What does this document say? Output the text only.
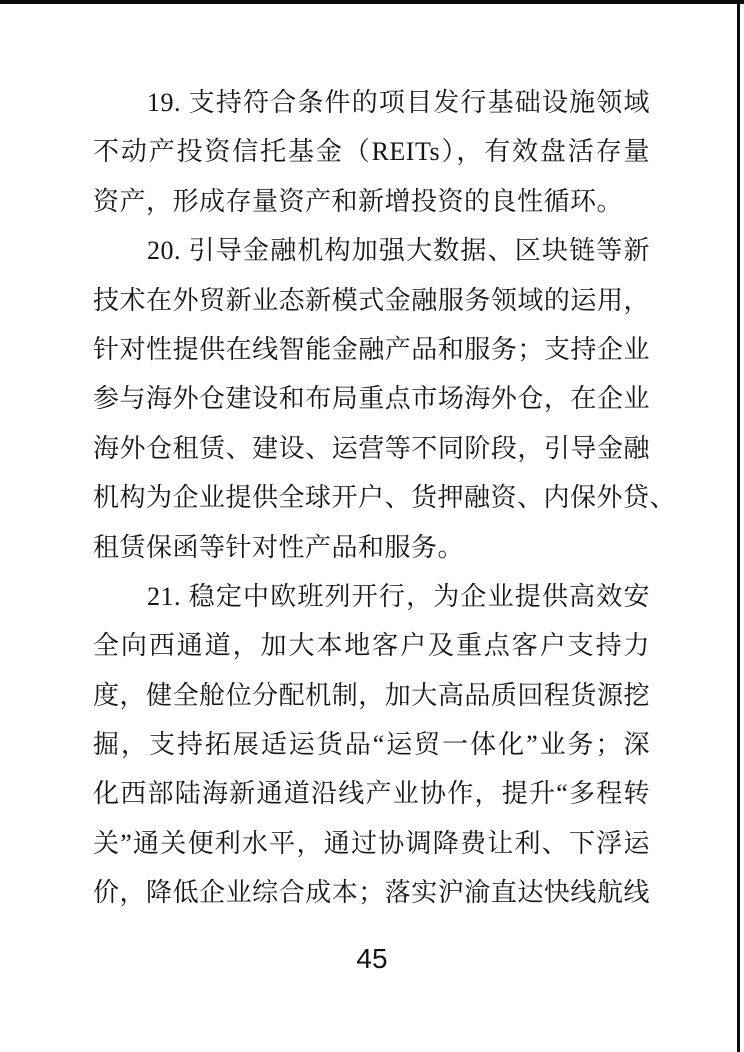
19. 支持符合条件的项目发行基础设施领域
不动产投资信托基金（REITs），有效盘活存量
资产，形成存量资产和新增投资的良性循环。
20. 引导金融机构加强大数据、区块链等新
技术在外贸新业态新模式金融服务领域的运用，
针对性提供在线智能金融产品和服务；支持企业
参与海外仓建设和布局重点市场海外仓，在企业
海外仓租赁、建设、运营等不同阶段，引导金融
机构为企业提供全球开户、货押融资、内保外贷、
租赁保函等针对性产品和服务。
21. 稳定中欧班列开行，为企业提供高效安
全向西通道，加大本地客户及重点客户支持力
度，健全舱位分配机制，加大高品质回程货源挖
掘，支持拓展适运货品“运贸一体化”业务；深
化西部陆海新通道沿线产业协作，提升“多程转
关”通关便利水平，通过协调降费让利、下浮运
价，降低企业综合成本；落实沪渝直达快线航线
45
